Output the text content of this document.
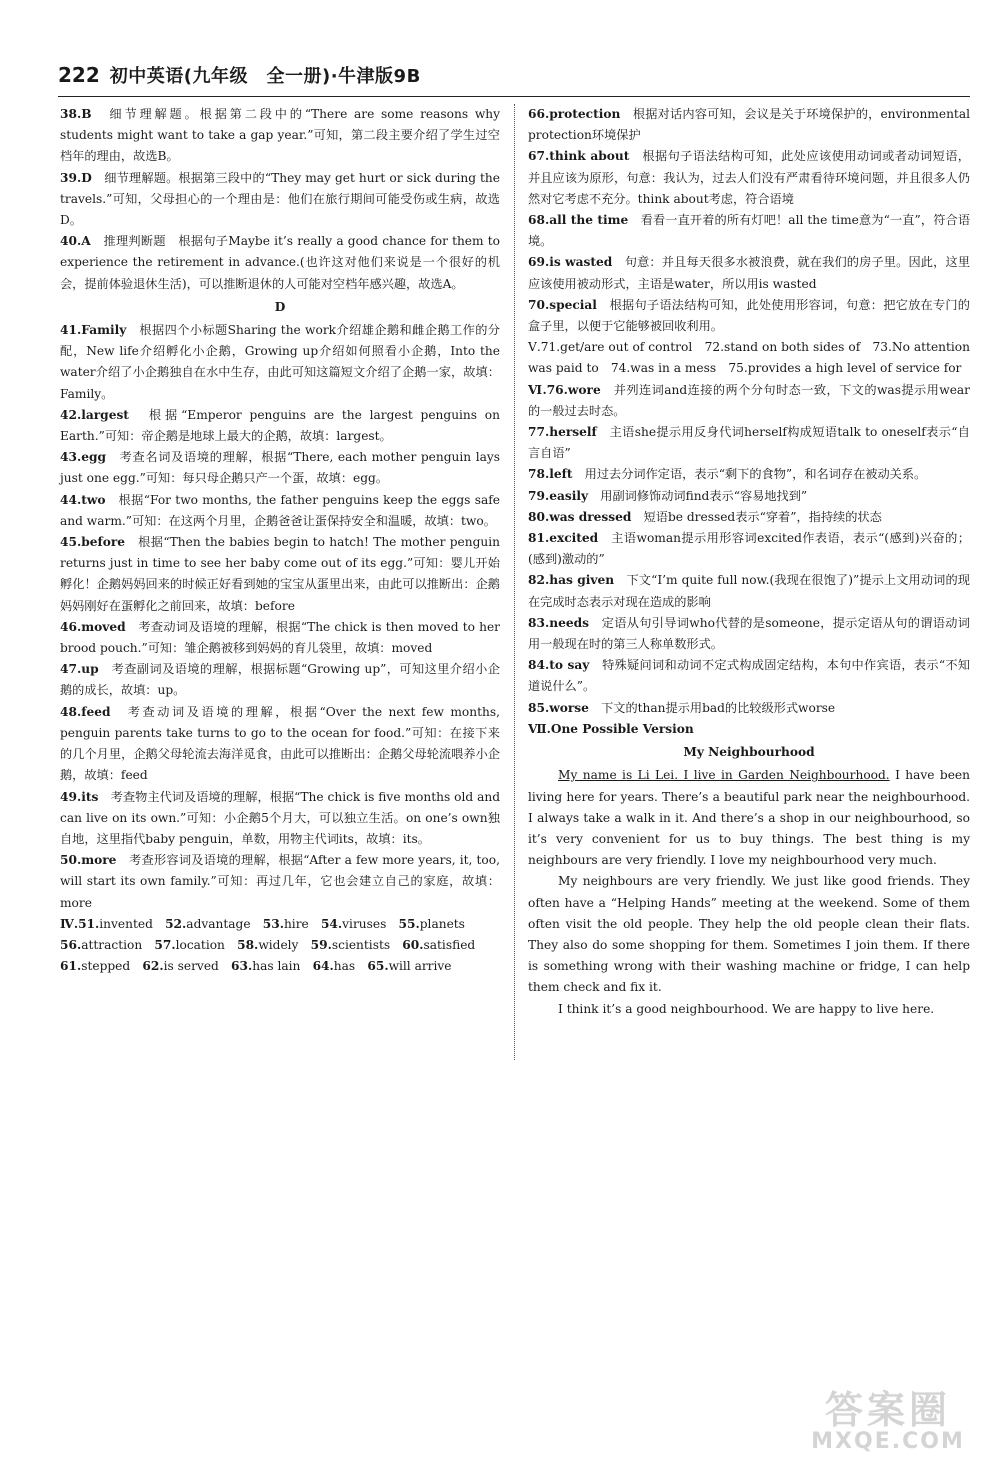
222 初中英语(九年级　全一册)·牛津版9B

38.B　细节理解题。根据第二段中的“There are some reasons why students might want to take a gap year.”可知，第二段主要介绍了学生过空档年的理由，故选B。

39.D　细节理解题。根据第三段中的“They may get hurt or sick during the travels.”可知，父母担心的一个理由是：他们在旅行期间可能受伤或生病，故选D。

40.A　推理判断题　根据句子Maybe it’s really a good chance for them to experience the retirement in advance.(也许这对他们来说是一个很好的机会，提前体验退休生活)，可以推断退休的人可能对空档年感兴趣，故选A。

D

41.Family　根据四个小标题Sharing the work介绍雄企鹅和雌企鹅工作的分配，New life介绍孵化小企鹅，Growing up介绍如何照看小企鹅，Into the water介绍了小企鹅独自在水中生存，由此可知这篇短文介绍了企鹅一家，故填：Family。

42.largest　根据“Emperor penguins are the largest penguins on Earth.”可知：帝企鹅是地球上最大的企鹅，故填：largest。

43.egg　考查名词及语境的理解，根据“There, each mother penguin lays just one egg.”可知：每只母企鹅只产一个蛋，故填：egg。

44.two　根据“For two months, the father penguins keep the eggs safe and warm.”可知：在这两个月里，企鹅爸爸让蛋保持安全和温暖，故填：two。

45.before　根据“Then the babies begin to hatch! The mother penguin returns just in time to see her baby come out of its egg.”可知：婴儿开始孵化！企鹅妈妈回来的时候正好看到她的宝宝从蛋里出来，由此可以推断出：企鹅妈妈刚好在蛋孵化之前回来，故填：before

46.moved　考查动词及语境的理解，根据“The chick is then moved to her brood pouch.”可知：雏企鹅被移到妈妈的育儿袋里，故填：moved

47.up　考查副词及语境的理解，根据标题“Growing up”，可知这里介绍小企鹅的成长，故填：up。

48.feed　考查动词及语境的理解，根据“Over the next few months, penguin parents take turns to go to the ocean for food.”可知：在接下来的几个月里，企鹅父母轮流去海洋觅食，由此可以推断出：企鹅父母轮流喂养小企鹅，故填：feed

49.its　考查物主代词及语境的理解，根据“The chick is five months old and can live on its own.”可知：小企鹅5个月大，可以独立生活。on one’s own独自地，这里指代baby penguin，单数，用物主代词its，故填：its。

50.more　考查形容词及语境的理解，根据“After a few more years, it, too, will start its own family.”可知：再过几年，它也会建立自己的家庭，故填：more

Ⅳ.51.invented　 52.advantage　 53.hire　 54.viruses　 55.planets

56.attraction　 57.location　 58.widely　 59.scientists　 60.satisfied

61.stepped　 62.is served　 63.has lain　 64.has　 65.will arrive

66.protection　根据对话内容可知，会议是关于环境保护的，environmental protection环境保护

67.think about　根据句子语法结构可知，此处应该使用动词或者动词短语，并且应该为原形，句意：我认为，过去人们没有严肃看待环境问题，并且很多人仍然对它考虑不充分。think about考虑，符合语境

68.all the time　看看一直开着的所有灯吧！all the time意为“一直”，符合语境。

69.is wasted　句意：并且每天很多水被浪费，就在我们的房子里。因此，这里应该使用被动形式，主语是water，所以用is wasted

70.special　根据句子语法结构可知，此处使用形容词，句意：把它放在专门的盒子里，以便于它能够被回收利用。

Ⅴ.71.get/are out of control　72.stand on both sides of　73.No attention was paid to　74.was in a mess　75.provides a high level of service for

Ⅵ.76.wore　并列连词and连接的两个分句时态一致，下文的was提示用wear的一般过去时态。

77.herself　主语she提示用反身代词herself构成短语talk to oneself表示“自言自语”

78.left　用过去分词作定语，表示“剩下的食物”，和名词存在被动关系。

79.easily　用副词修饰动词find表示“容易地找到”

80.was dressed　短语be dressed表示“穿着”，指持续的状态

81.excited　主语woman提示用形容词excited作表语，表示“(感到)兴奋的；(感到)激动的”

82.has given　下文“I’m quite full now.(我现在很饱了)”提示上文用动词的现在完成时态表示对现在造成的影响

83.needs　定语从句引导词who代替的是someone，提示定语从句的谓语动词用一般现在时的第三人称单数形式。

84.to say　特殊疑问词和动词不定式构成固定结构，本句中作宾语，表示“不知道说什么”。

85.worse　下文的than提示用bad的比较级形式worse

Ⅶ.One Possible Version

My Neighbourhood

My name is Li Lei. I live in Garden Neighbourhood. I have been living here for years. There’s a beautiful park near the neighbourhood. I always take a walk in it. And there’s a shop in our neighbourhood, so it’s very convenient for us to buy things. The best thing is my neighbours are very friendly. I love my neighbourhood very much.

My neighbours are very friendly. We just like good friends. They often have a “Helping Hands” meeting at the weekend. Some of them often visit the old people. They help the old people clean their flats. They also do some shopping for them. Sometimes I join them. If there is something wrong with their washing machine or fridge, I can help them check and fix it.

I think it’s a good neighbourhood. We are happy to live here.

答案圈
MXQE.COM
